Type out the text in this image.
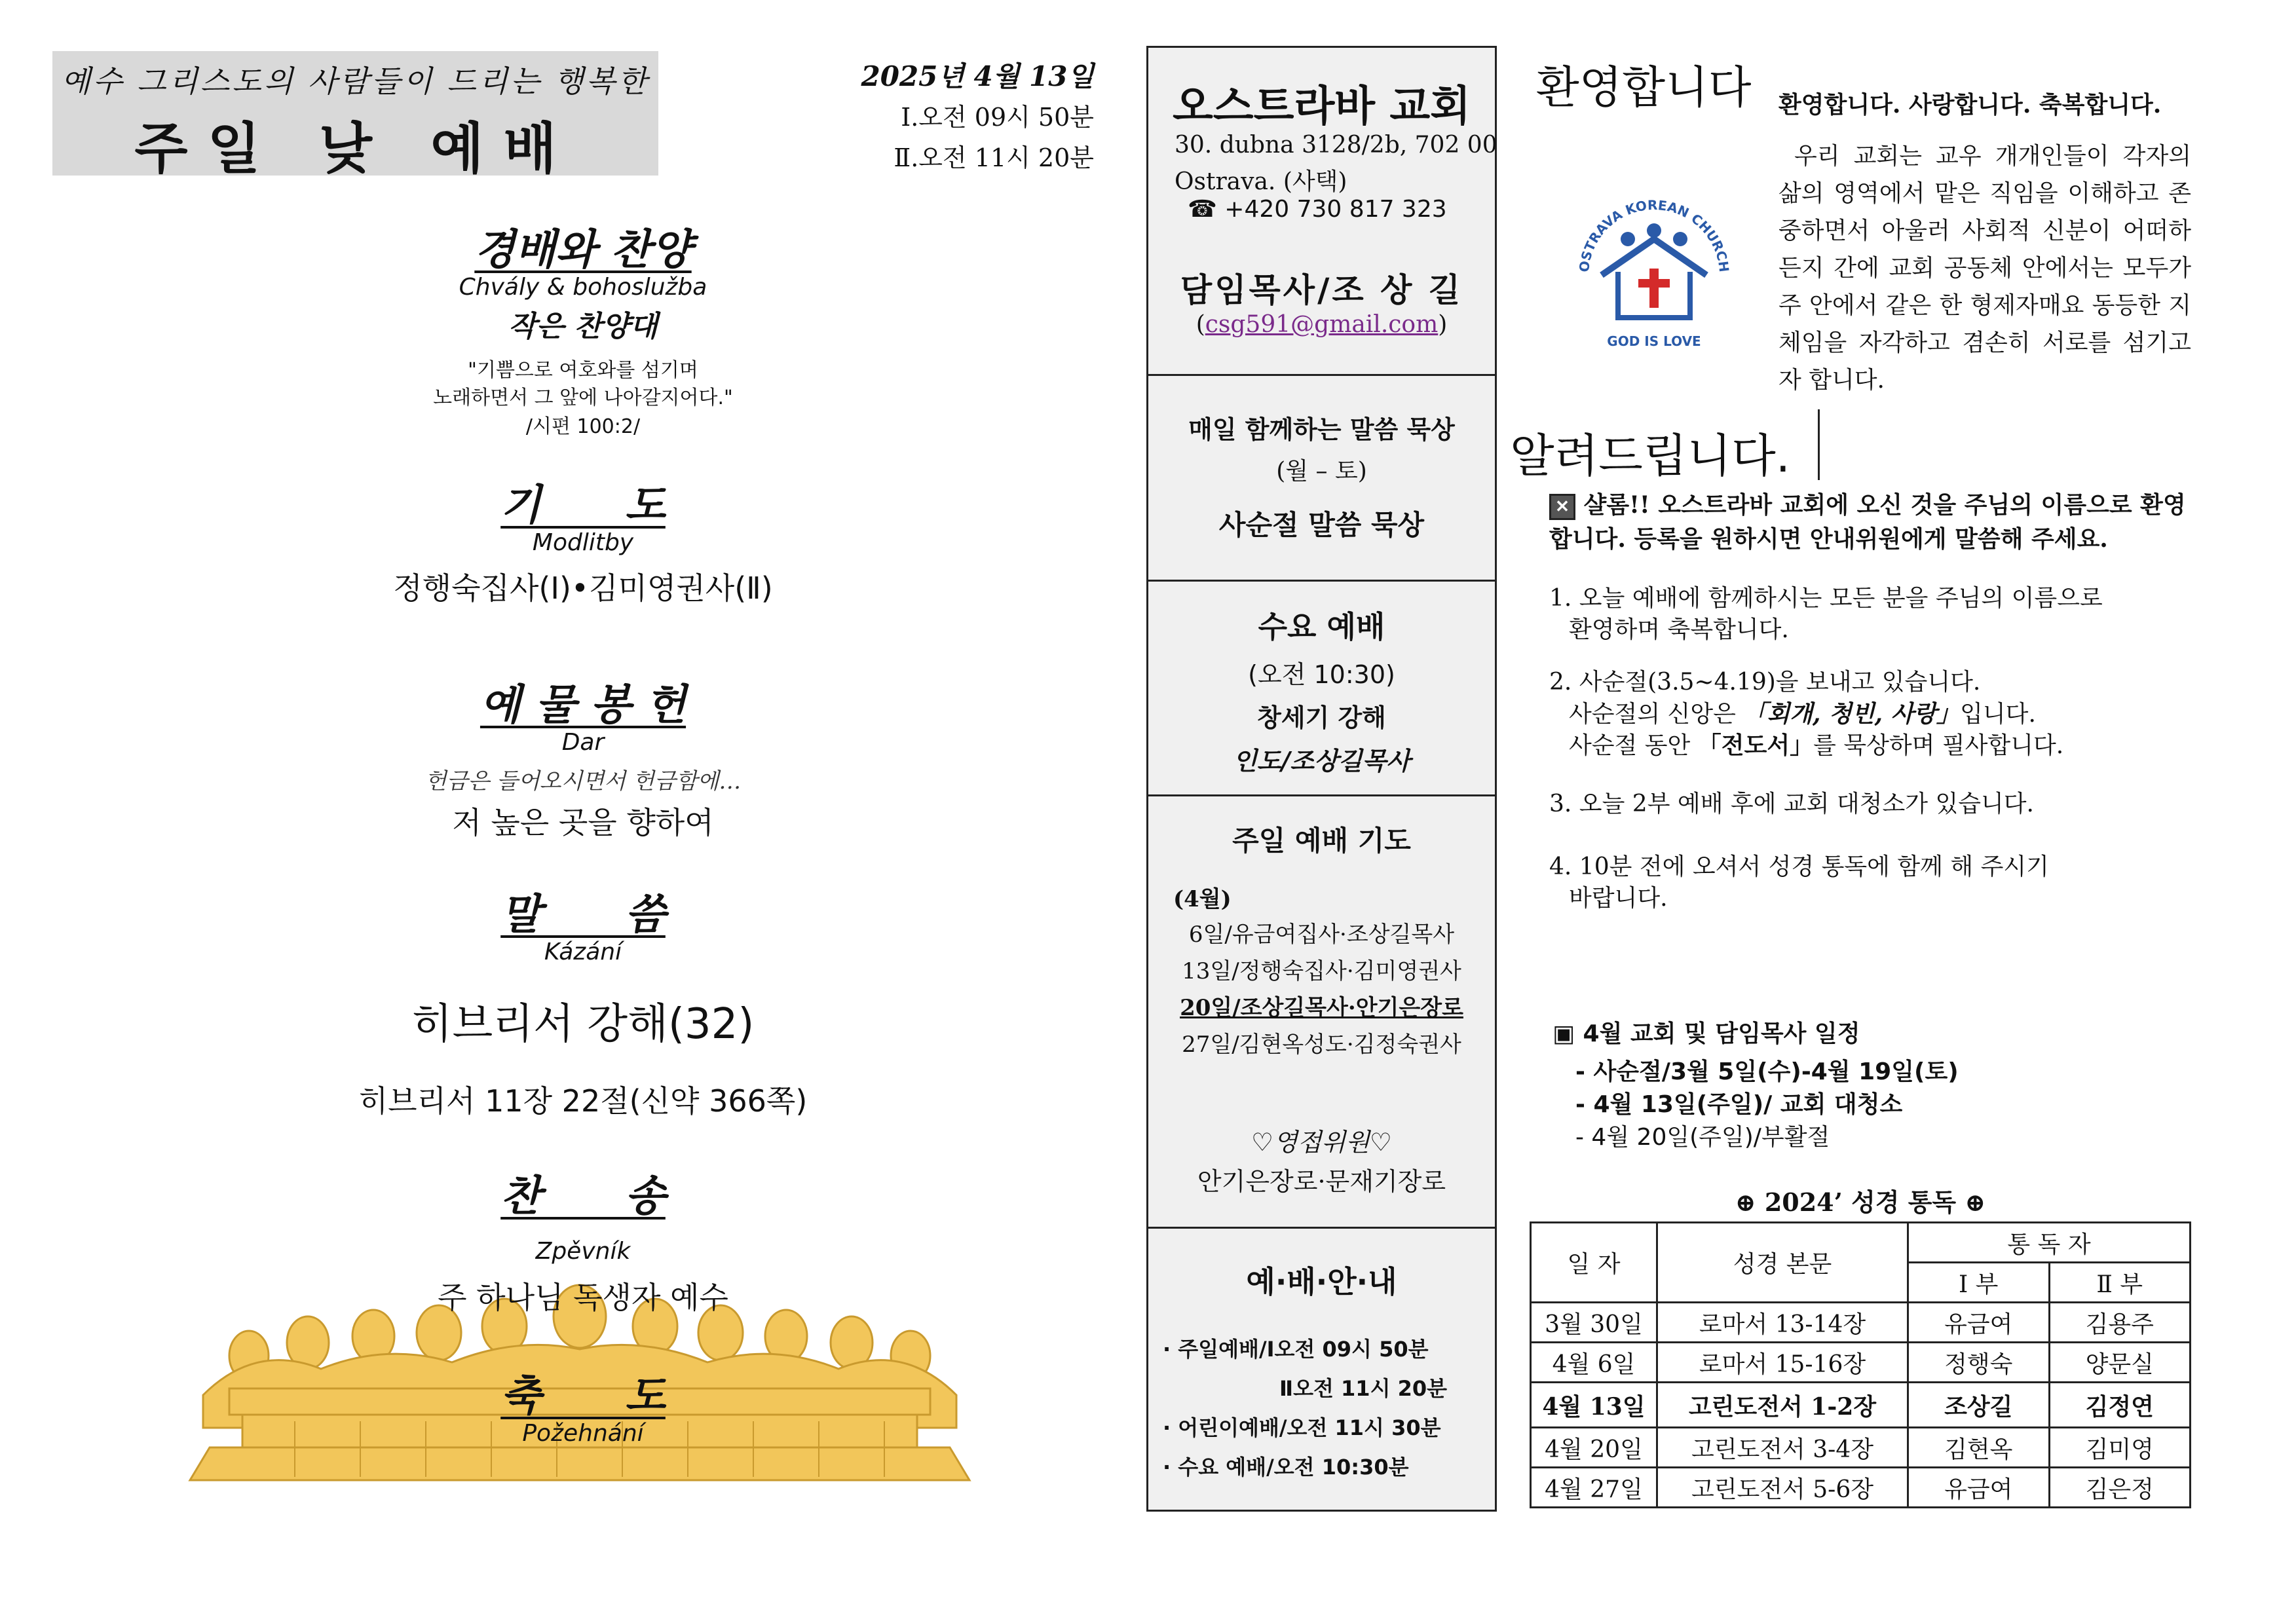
예수 그리스도의 사람들이 드리는 행복한
주일 낮 예배
2025년 4월 13일
Ⅰ.오전 09시 50분
Ⅱ.오전 11시 20분
경배와 찬양
Chvály & bohoslužba
작은 찬양대
"기쁨으로 여호와를 섬기며
노래하면서 그 앞에 나아갈지어다."
/시편 100:2/
기　　도
Modlitby
정행숙집사(Ⅰ)•김미영권사(Ⅱ)
예 물 봉 헌
Dar
헌금은 들어오시면서 헌금함에…
저 높은 곳을 향하여
말　　씀
Kázání
히브리서 강해(32)
히브리서 11장 22절(신약 366쪽)
찬　　송
Zpěvník
주 하나님 독생자 예수
축　　도
Požehnání
오스트라바 교회
30. dubna 3128/2b, 702 00
Ostrava. (사택)
☎ +420 730 817 323
담임목사/조 상 길
(csg591@gmail.com)
매일 함께하는 말씀 묵상
(월 – 토)
사순절 말씀 묵상
수요 예배
(오전 10:30)
창세기 강해
인도/조상길목사
주일 예배 기도
(4월)
6일/유금여집사·조상길목사
13일/정행숙집사·김미영권사
20일/조상길목사·안기은장로
27일/김현옥성도·김정숙권사
♡영접위원♡
안기은장로·문재기장로
예·배·안·내
· 주일예배/Ⅰ오전 09시 50분
Ⅱ오전 11시 20분
· 어린이예배/오전 11시 30분
· 수요 예배/오전 10:30분
환영합니다 환영합니다. 사랑합니다. 축복합니다.
우리 교회는 교우 개개인들이 각자의 삶의 영역에서 맡은 직임을 이해하고 존중하면서 아울러 사회적 신분이 어떠하든지 간에 교회 공동체 안에서는 모두가 주 안에서 같은 한 형제자매요 동등한 지체임을 자각하고 겸손히 서로를 섬기고자 합니다.
OSTRAVA KOREAN CHURCH
GOD IS LOVE
알려드립니다.
✕ 샬롬!! 오스트라바 교회에 오신 것을 주님의 이름으로 환영합니다. 등록을 원하시면 안내위원에게 말씀해 주세요.
1. 오늘 예배에 함께하시는 모든 분을 주님의 이름으로
환영하며 축복합니다.
2. 사순절(3.5~4.19)을 보내고 있습니다.
사순절의 신앙은 「회개, 청빈, 사랑」입니다.
사순절 동안 「전도서」를 묵상하며 필사합니다.
3. 오늘 2부 예배 후에 교회 대청소가 있습니다.
4. 10분 전에 오셔서 성경 통독에 함께 해 주시기
바랍니다.
▣ 4월 교회 및 담임목사 일정
- 사순절/3월 5일(수)-4월 19일(토)
- 4월 13일(주일)/ 교회 대청소
- 4월 20일(주일)/부활절
⊕ 2024’ 성경 통독 ⊕
일 자	성경 본문	통 독 자	
		Ⅰ 부	Ⅱ 부
3월 30일	로마서 13-14장	유금여	김용주
4월 6일	로마서 15-16장	정행숙	양문실
4월 13일	고린도전서 1-2장	조상길	김정연
4월 20일	고린도전서 3-4장	김현옥	김미영
4월 27일	고린도전서 5-6장	유금여	김은정
